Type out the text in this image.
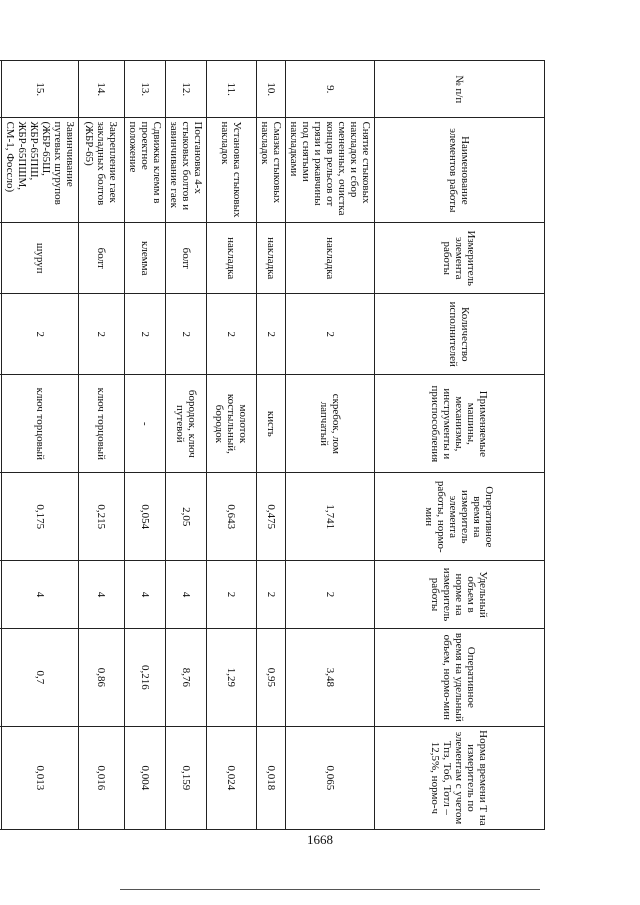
1668
№ п/п	Наименование элементов работы	Измеритель элемента работы	Количество исполнителей	Применяемые машины, механизмы, инструменты и приспособления	Оперативное время на измеритель элемента работы, нормо-мин	Удельный объем в норме на измеритель работы	Оперативное время на удельный объем, нормо-мин	Норма времени Т на измеритель по элементам с учетом Тпз, Тоб, Тотл – 12,5%, нормо-ч
9.	Снятие стыковых накладок и сбор смененных, очистка концов рельсов от грязи и ржавчины под снятыми накладками	накладка	2	скребок, лом лапчатый	1,741	2	3,48	0,065
10.	Смазка стыковых накладок	накладка	2	кисть	0,475	2	0,95	0,018
11.	Установка стыковых накладок	накладка	2	молоток костыльный, бородок	0,643	2	1,29	0,024
12.	Постановка 4-х стыковых болтов и завинчивание гаек	болт	2	бородок, ключ путевой	2,05	4	8,76	0,159
13.	Сдвижка клемм в проектное положение	клемма	2	-	0,054	4	0,216	0,004
14.	Закрепление гаек закладных болтов (ЖБР-65)	болт	2	ключ торцовый	0,215	4	0,86	0,016
15.	Завинчивание путевых шурупов (ЖБР-65Ш, ЖБР-65ПШ, ЖБР-65ПШМ, СМ-1, Фоссло)	шуруп	2	ключ торцовый	0,175	4	0,7	0,013
